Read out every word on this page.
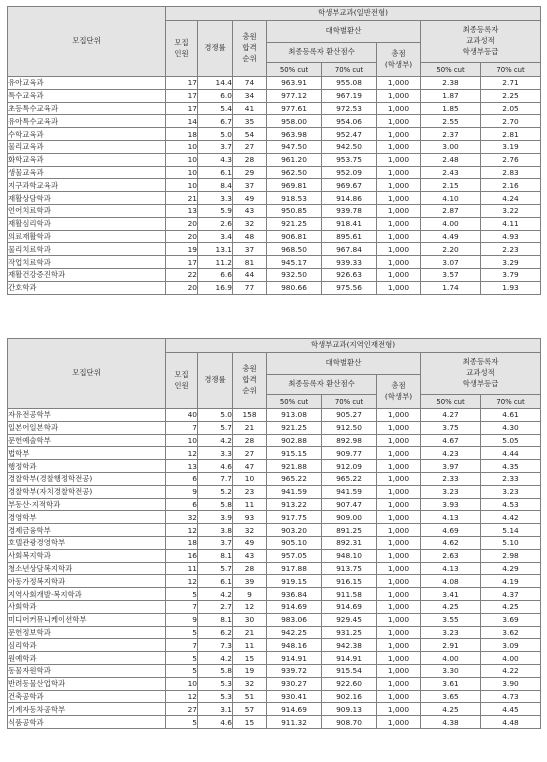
모집단위	학생부교과(일반전형)							
	모집
인원	경쟁률	충원
합격
순위	대학별환산			최종등록자
교과성적
학생부등급	
				최종등록자 환산점수		총점
(학생부)		
				50% cut	70% cut		50% cut	70% cut
유아교육과	17	14.4	74	963.91	955.08	1,000	2.38	2.71
특수교육과	17	6.0	34	977.12	967.19	1,000	1.87	2.25
초등특수교육과	17	5.4	41	977.61	972.53	1,000	1.85	2.05
유아특수교육과	14	6.7	35	958.00	954.06	1,000	2.55	2.70
수학교육과	18	5.0	54	963.98	952.47	1,000	2.37	2.81
물리교육과	10	3.7	27	947.50	942.50	1,000	3.00	3.19
화학교육과	10	4.3	28	961.20	953.75	1,000	2.48	2.76
생물교육과	10	6.1	29	962.50	952.09	1,000	2.43	2.83
지구과학교육과	10	8.4	37	969.81	969.67	1,000	2.15	2.16
재활상담학과	21	3.3	49	918.53	914.86	1,000	4.10	4.24
언어치료학과	13	5.9	43	950.85	939.78	1,000	2.87	3.22
재활심리학과	20	2.6	32	921.25	918.41	1,000	4.00	4.11
의료재활학과	20	3.4	48	906.81	895.61	1,000	4.49	4.93
물리치료학과	19	13.1	37	968.50	967.84	1,000	2.20	2.23
작업치료학과	17	11.2	81	945.17	939.33	1,000	3.07	3.29
재활건강증진학과	22	6.6	44	932.50	926.63	1,000	3.57	3.79
간호학과	20	16.9	77	980.66	975.56	1,000	1.74	1.93
모집단위	학생부교과(지역인재전형)							
	모집
인원	경쟁률	충원
합격
순위	대학별환산			최종등록자
교과성적
학생부등급	
				최종등록자 환산점수		총점
(학생부)		
				50% cut	70% cut		50% cut	70% cut
자유전공학부	40	5.0	158	913.08	905.27	1,000	4.27	4.61
일본어일본학과	7	5.7	21	921.25	912.50	1,000	3.75	4.30
문헌예술학부	10	4.2	28	902.88	892.98	1,000	4.67	5.05
법학부	12	3.3	27	915.15	909.77	1,000	4.23	4.44
행정학과	13	4.6	47	921.88	912.09	1,000	3.97	4.35
경찰학부(경찰행정학전공)	6	7.7	10	965.22	965.22	1,000	2.33	2.33
경찰학부(자치경찰학전공)	9	5.2	23	941.59	941.59	1,000	3.23	3.23
부동산·지적학과	6	5.8	11	913.22	907.47	1,000	3.93	4.53
경영학부	32	3.9	93	917.75	909.00	1,000	4.13	4.42
경제금융학부	12	3.8	32	903.20	891.25	1,000	4.69	5.14
호텔관광경영학부	18	3.7	49	905.10	892.31	1,000	4.62	5.10
사회복지학과	16	8.1	43	957.05	948.10	1,000	2.63	2.98
청소년상담복지학과	11	5.7	28	917.88	913.75	1,000	4.13	4.29
아동가정복지학과	12	6.1	39	919.15	916.15	1,000	4.08	4.19
지역사회개발·복지학과	5	4.2	9	936.84	911.58	1,000	3.41	4.37
사회학과	7	2.7	12	914.69	914.69	1,000	4.25	4.25
미디어커뮤니케이션학부	9	8.1	30	983.06	929.45	1,000	3.55	3.69
문헌정보학과	5	6.2	21	942.25	931.25	1,000	3.23	3.62
심리학과	7	7.3	11	948.16	942.38	1,000	2.91	3.09
원예학과	5	4.2	15	914.91	914.91	1,000	4.00	4.00
동물자원학과	5	5.8	19	939.72	915.54	1,000	3.30	4.22
반려동물산업학과	10	5.3	32	930.27	922.60	1,000	3.61	3.90
건축공학과	12	5.3	51	930.41	902.16	1,000	3.65	4.73
기계자동차공학부	27	3.1	57	914.69	909.13	1,000	4.25	4.45
식품공학과	5	4.6	15	911.32	908.70	1,000	4.38	4.48
